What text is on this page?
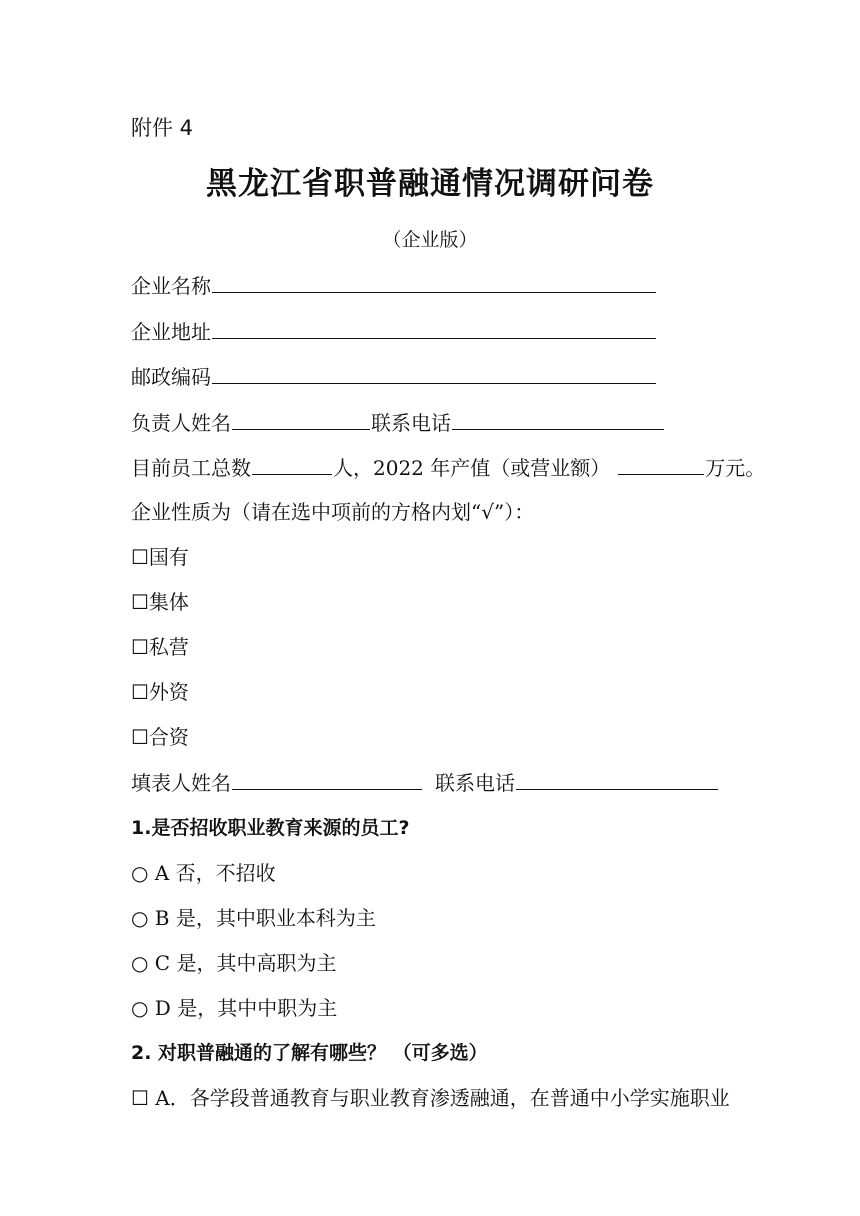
附件 4
黑龙江省职普融通情况调研问卷
（企业版）
企业名称
企业地址
邮政编码
负责人姓名	联系电话
目前员工总数	人，2022 年产值（或营业额）	万元。
企业性质为（请在选中项前的方格内划“√”）：
☐国有
☐集体
☐私营
☐外资
☐合资
填表人姓名	联系电话
1.是否招收职业教育来源的员工?
○ A 否，不招收
○ B 是，其中职业本科为主
○ C 是，其中高职为主
○ D 是，其中中职为主
2. 对职普融通的了解有哪些？ （可多选）
☐ A．各学段普通教育与职业教育渗透融通，在普通中小学实施职业
